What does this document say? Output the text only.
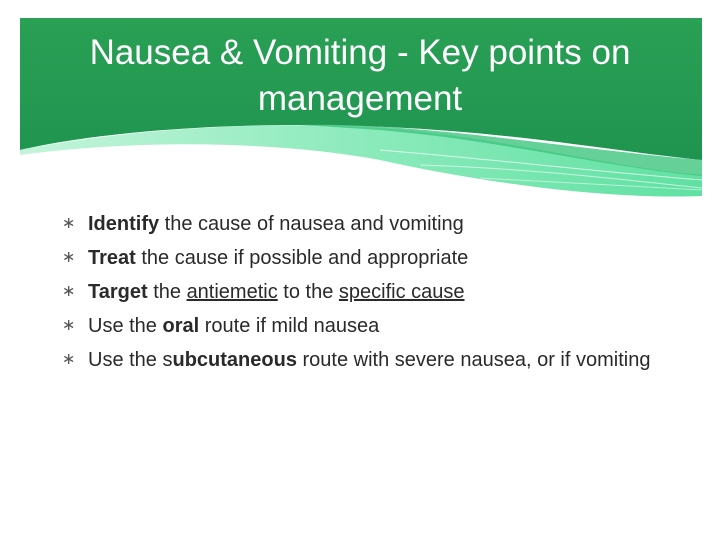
Nausea & Vomiting - Key points on management
∗ Identify the cause of nausea and vomiting
∗ Treat the cause if possible and appropriate
∗ Target the antiemetic to the specific cause
∗ Use the oral route if mild nausea
∗ Use the subcutaneous route with severe nausea, or if vomiting
